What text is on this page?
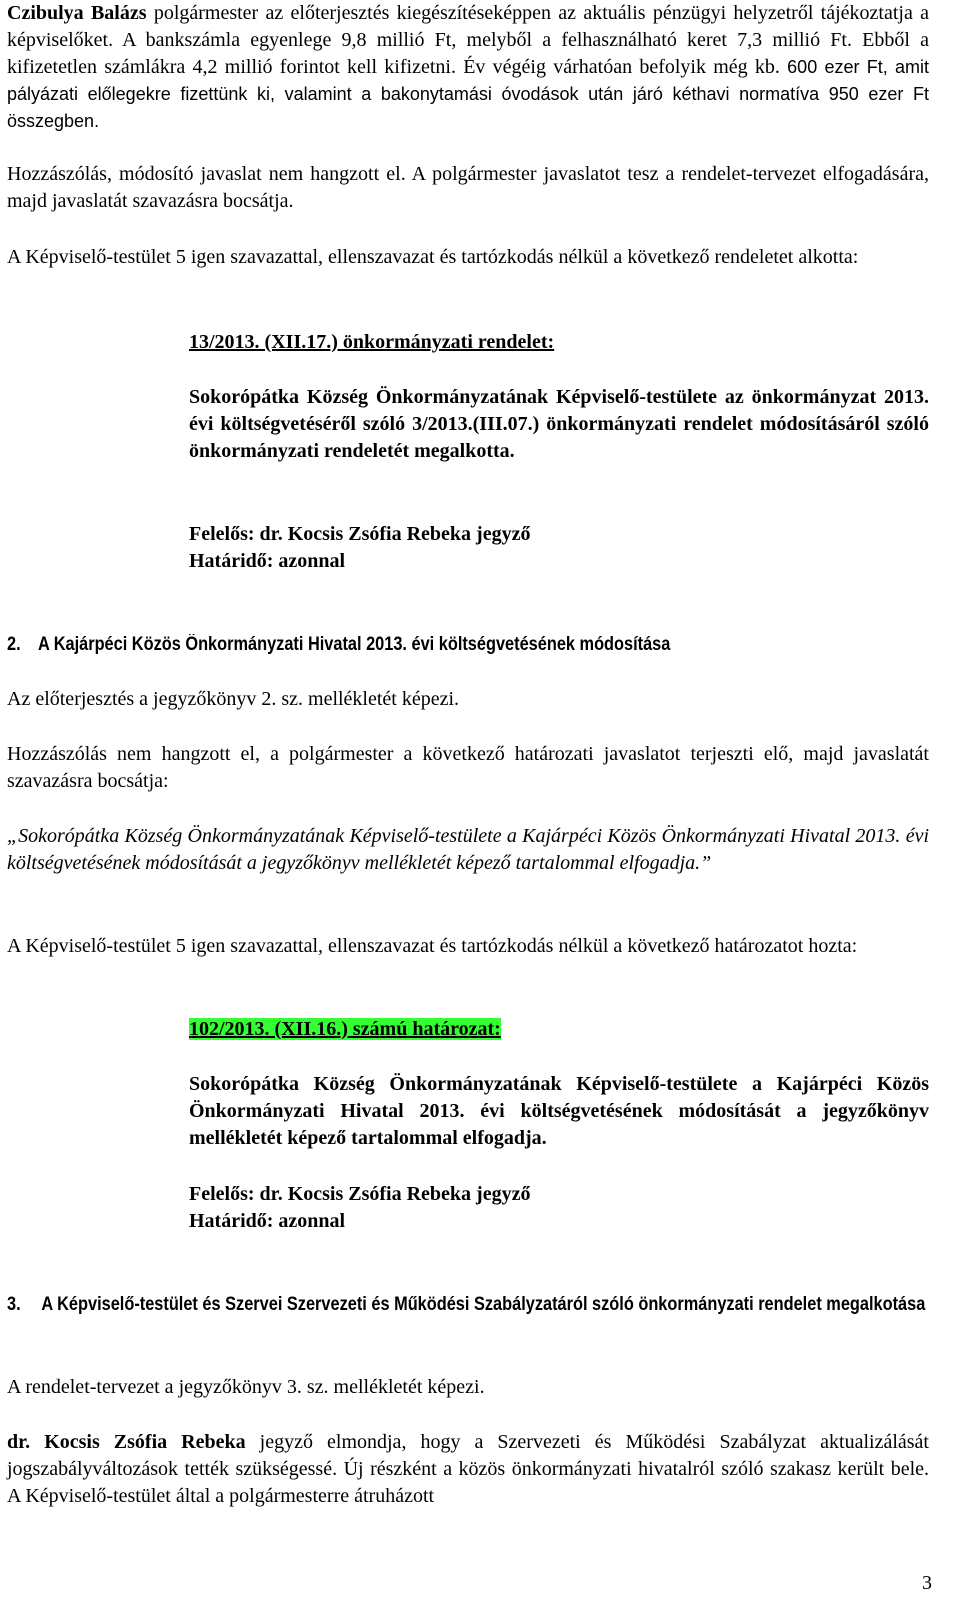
Czibulya Balázs polgármester az előterjesztés kiegészítéseképpen az aktuális pénzügyi helyzetről tájékoztatja a képviselőket. A bankszámla egyenlege 9,8 millió Ft, melyből a felhasználható keret 7,3 millió Ft. Ebből a kifizetetlen számlákra 4,2 millió forintot kell kifizetni. Év végéig várhatóan befolyik még kb. 600 ezer Ft, amit pályázati előlegekre fizettünk ki, valamint a bakonytamási óvodások után járó kéthavi normatíva 950 ezer Ft összegben.

Hozzászólás, módosító javaslat nem hangzott el. A polgármester javaslatot tesz a rendelet-tervezet elfogadására, majd javaslatát szavazásra bocsátja.

A Képviselő-testület 5 igen szavazattal, ellenszavazat és tartózkodás nélkül a következő rendeletet alkotta:

13/2013. (XII.17.) önkormányzati rendelet:

Sokorópátka Község Önkormányzatának Képviselő-testülete az önkormányzat 2013. évi költségvetéséről szóló 3/2013.(III.07.) önkormányzati rendelet módosításáról szóló önkormányzati rendeletét megalkotta.

Felelős: dr. Kocsis Zsófia Rebeka jegyző

Határidő: azonnal

2. A Kajárpéci Közös Önkormányzati Hivatal 2013. évi költségvetésének módosítása

Az előterjesztés a jegyzőkönyv 2. sz. mellékletét képezi.

Hozzászólás nem hangzott el, a polgármester a következő határozati javaslatot terjeszti elő, majd javaslatát szavazásra bocsátja:

„Sokorópátka Község Önkormányzatának Képviselő-testülete a Kajárpéci Közös Önkormányzati Hivatal 2013. évi költségvetésének módosítását a jegyzőkönyv mellékletét képező tartalommal elfogadja.”

A Képviselő-testület 5 igen szavazattal, ellenszavazat és tartózkodás nélkül a következő határozatot hozta:

102/2013. (XII.16.) számú határozat:

Sokorópátka Község Önkormányzatának Képviselő-testülete a Kajárpéci Közös Önkormányzati Hivatal 2013. évi költségvetésének módosítását a jegyzőkönyv mellékletét képező tartalommal elfogadja.

Felelős: dr. Kocsis Zsófia Rebeka jegyző

Határidő: azonnal

3. A Képviselő-testület és Szervei Szervezeti és Működési Szabályzatáról szóló önkormányzati rendelet megalkotása

A rendelet-tervezet a jegyzőkönyv 3. sz. mellékletét képezi.

dr. Kocsis Zsófia Rebeka jegyző elmondja, hogy a Szervezeti és Működési Szabályzat aktualizálását jogszabályváltozások tették szükségessé. Új részként a közös önkormányzati hivatalról szóló szakasz került bele. A Képviselő-testület által a polgármesterre átruházott

3
